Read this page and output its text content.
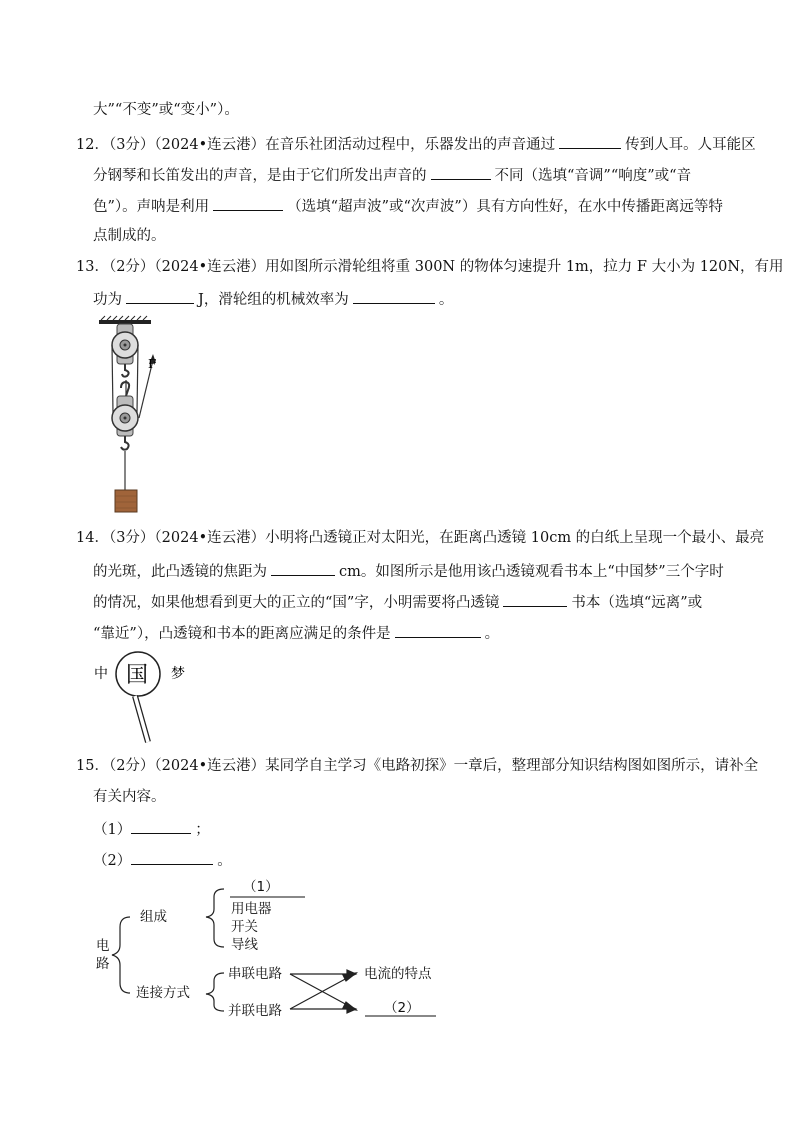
大”“不变”或“变小”）。
12．（3分）（2024•连云港）在音乐社团活动过程中，乐器发出的声音通过	传到人耳。人耳能区
分钢琴和长笛发出的声音，是由于它们所发出声音的	不同（选填“音调”“响度”或“音
色”）。声呐是利用	（选填“超声波”或“次声波”）具有方向性好，在水中传播距离远等特
点制成的。
13．（2分）（2024•连云港）用如图所示滑轮组将重 300N 的物体匀速提升 1m，拉力 F 大小为 120N，有用
功为	J，滑轮组的机械效率为	。
F
14．（3分）（2024•连云港）小明将凸透镜正对太阳光，在距离凸透镜 10cm 的白纸上呈现一个最小、最亮
的光斑，此凸透镜的焦距为	cm。如图所示是他用该凸透镜观看书本上“中国梦”三个字时
的情况，如果他想看到更大的正立的“国”字，小明需要将凸透镜	书本（选填“远离”或
“靠近”），凸透镜和书本的距离应满足的条件是	。
中 国 梦
15．（2分）（2024•连云港）某同学自主学习《电路初探》一章后，整理部分知识结构图如图所示，请补全
有关内容。
（1）	；
（2）	。
电
路
组成
连接方式
（1）
用电器
开关
导线
串联电路
并联电路
电流的特点
（2）
